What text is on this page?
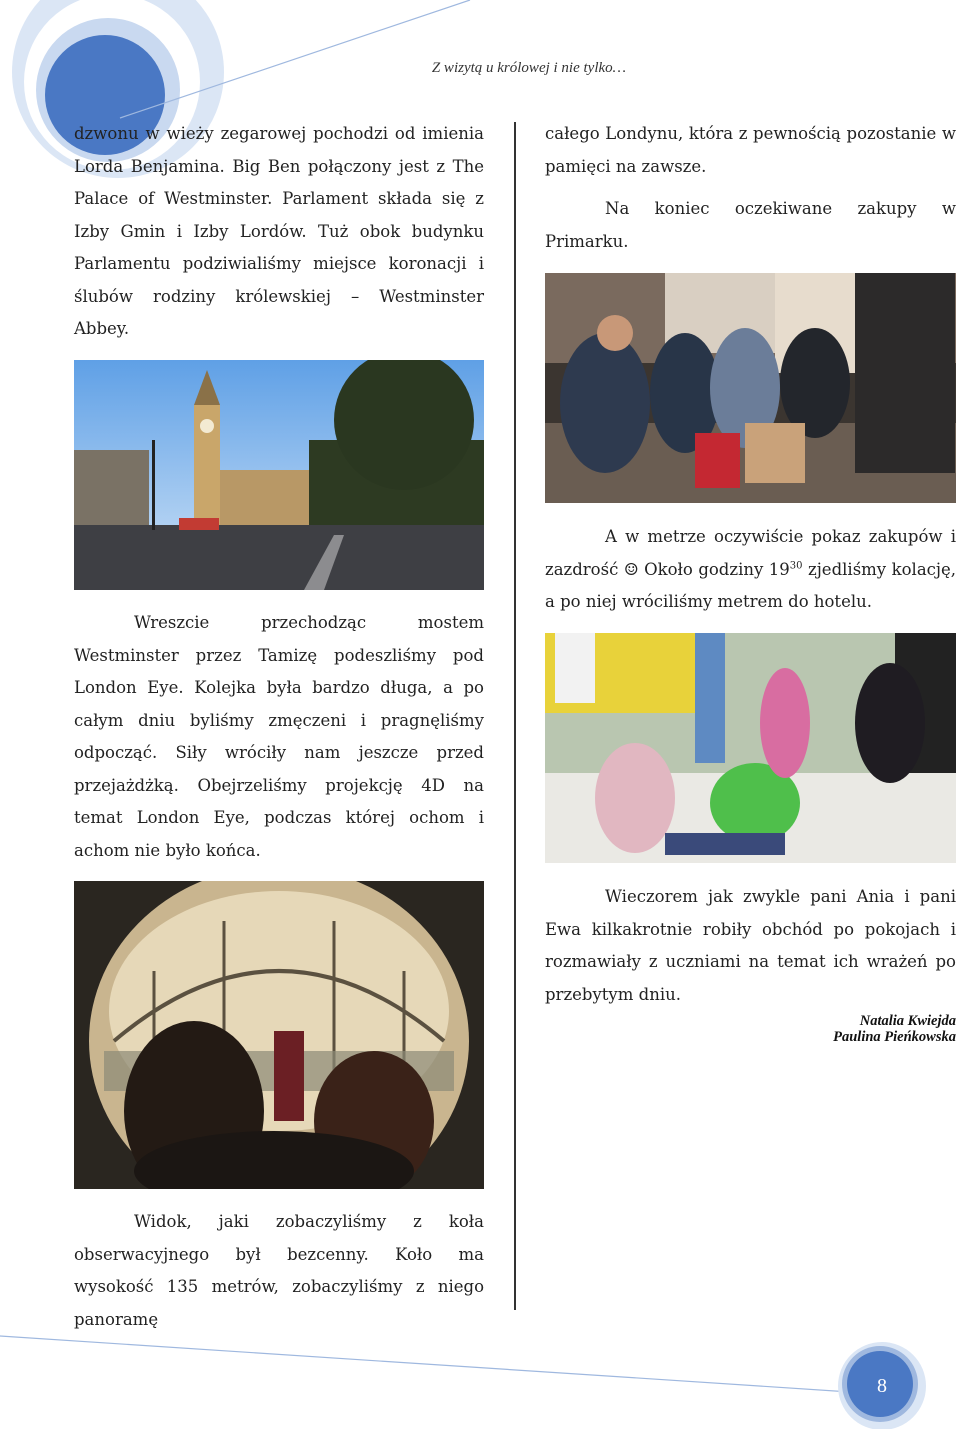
Z wizytą u królowej i nie tylko…

dzwonu w wieży zegarowej pochodzi od imienia Lorda Benjamina. Big Ben połączony jest z The Palace of Westminster. Parlament składa się z Izby Gmin i Izby Lordów. Tuż obok budynku Parlamentu podziwialiśmy miejsce koronacji i ślubów rodziny królewskiej – Westminster Abbey.

Wreszcie przechodząc mostem Westminster przez Tamizę podeszliśmy pod London Eye. Kolejka była bardzo długa, a po całym dniu byliśmy zmęczeni i pragnęliśmy odpocząć. Siły wróciły nam jeszcze przed przejażdżką. Obejrzeliśmy projekcję 4D na temat London Eye, podczas której ochom i achom nie było końca.

Widok, jaki zobaczyliśmy z koła obserwacyjnego był bezcenny. Koło ma wysokość 135 metrów, zobaczyliśmy z niego panoramę

całego Londynu, która z pewnością pozostanie w pamięci na zawsze.

Na koniec oczekiwane zakupy w Primarku.

A w metrze oczywiście pokaz zakupów i zazdrość ☺ Około godziny $19^{30}$ zjedliśmy kolację, a po niej wróciliśmy metrem do hotelu.

Wieczorem jak zwykle pani Ania i pani Ewa kilkakrotnie robiły obchód po pokojach i rozmawiały z uczniami na temat ich wrażeń po przebytym dniu.

Natalia Kwiejda
Paulina Pieńkowska
8
